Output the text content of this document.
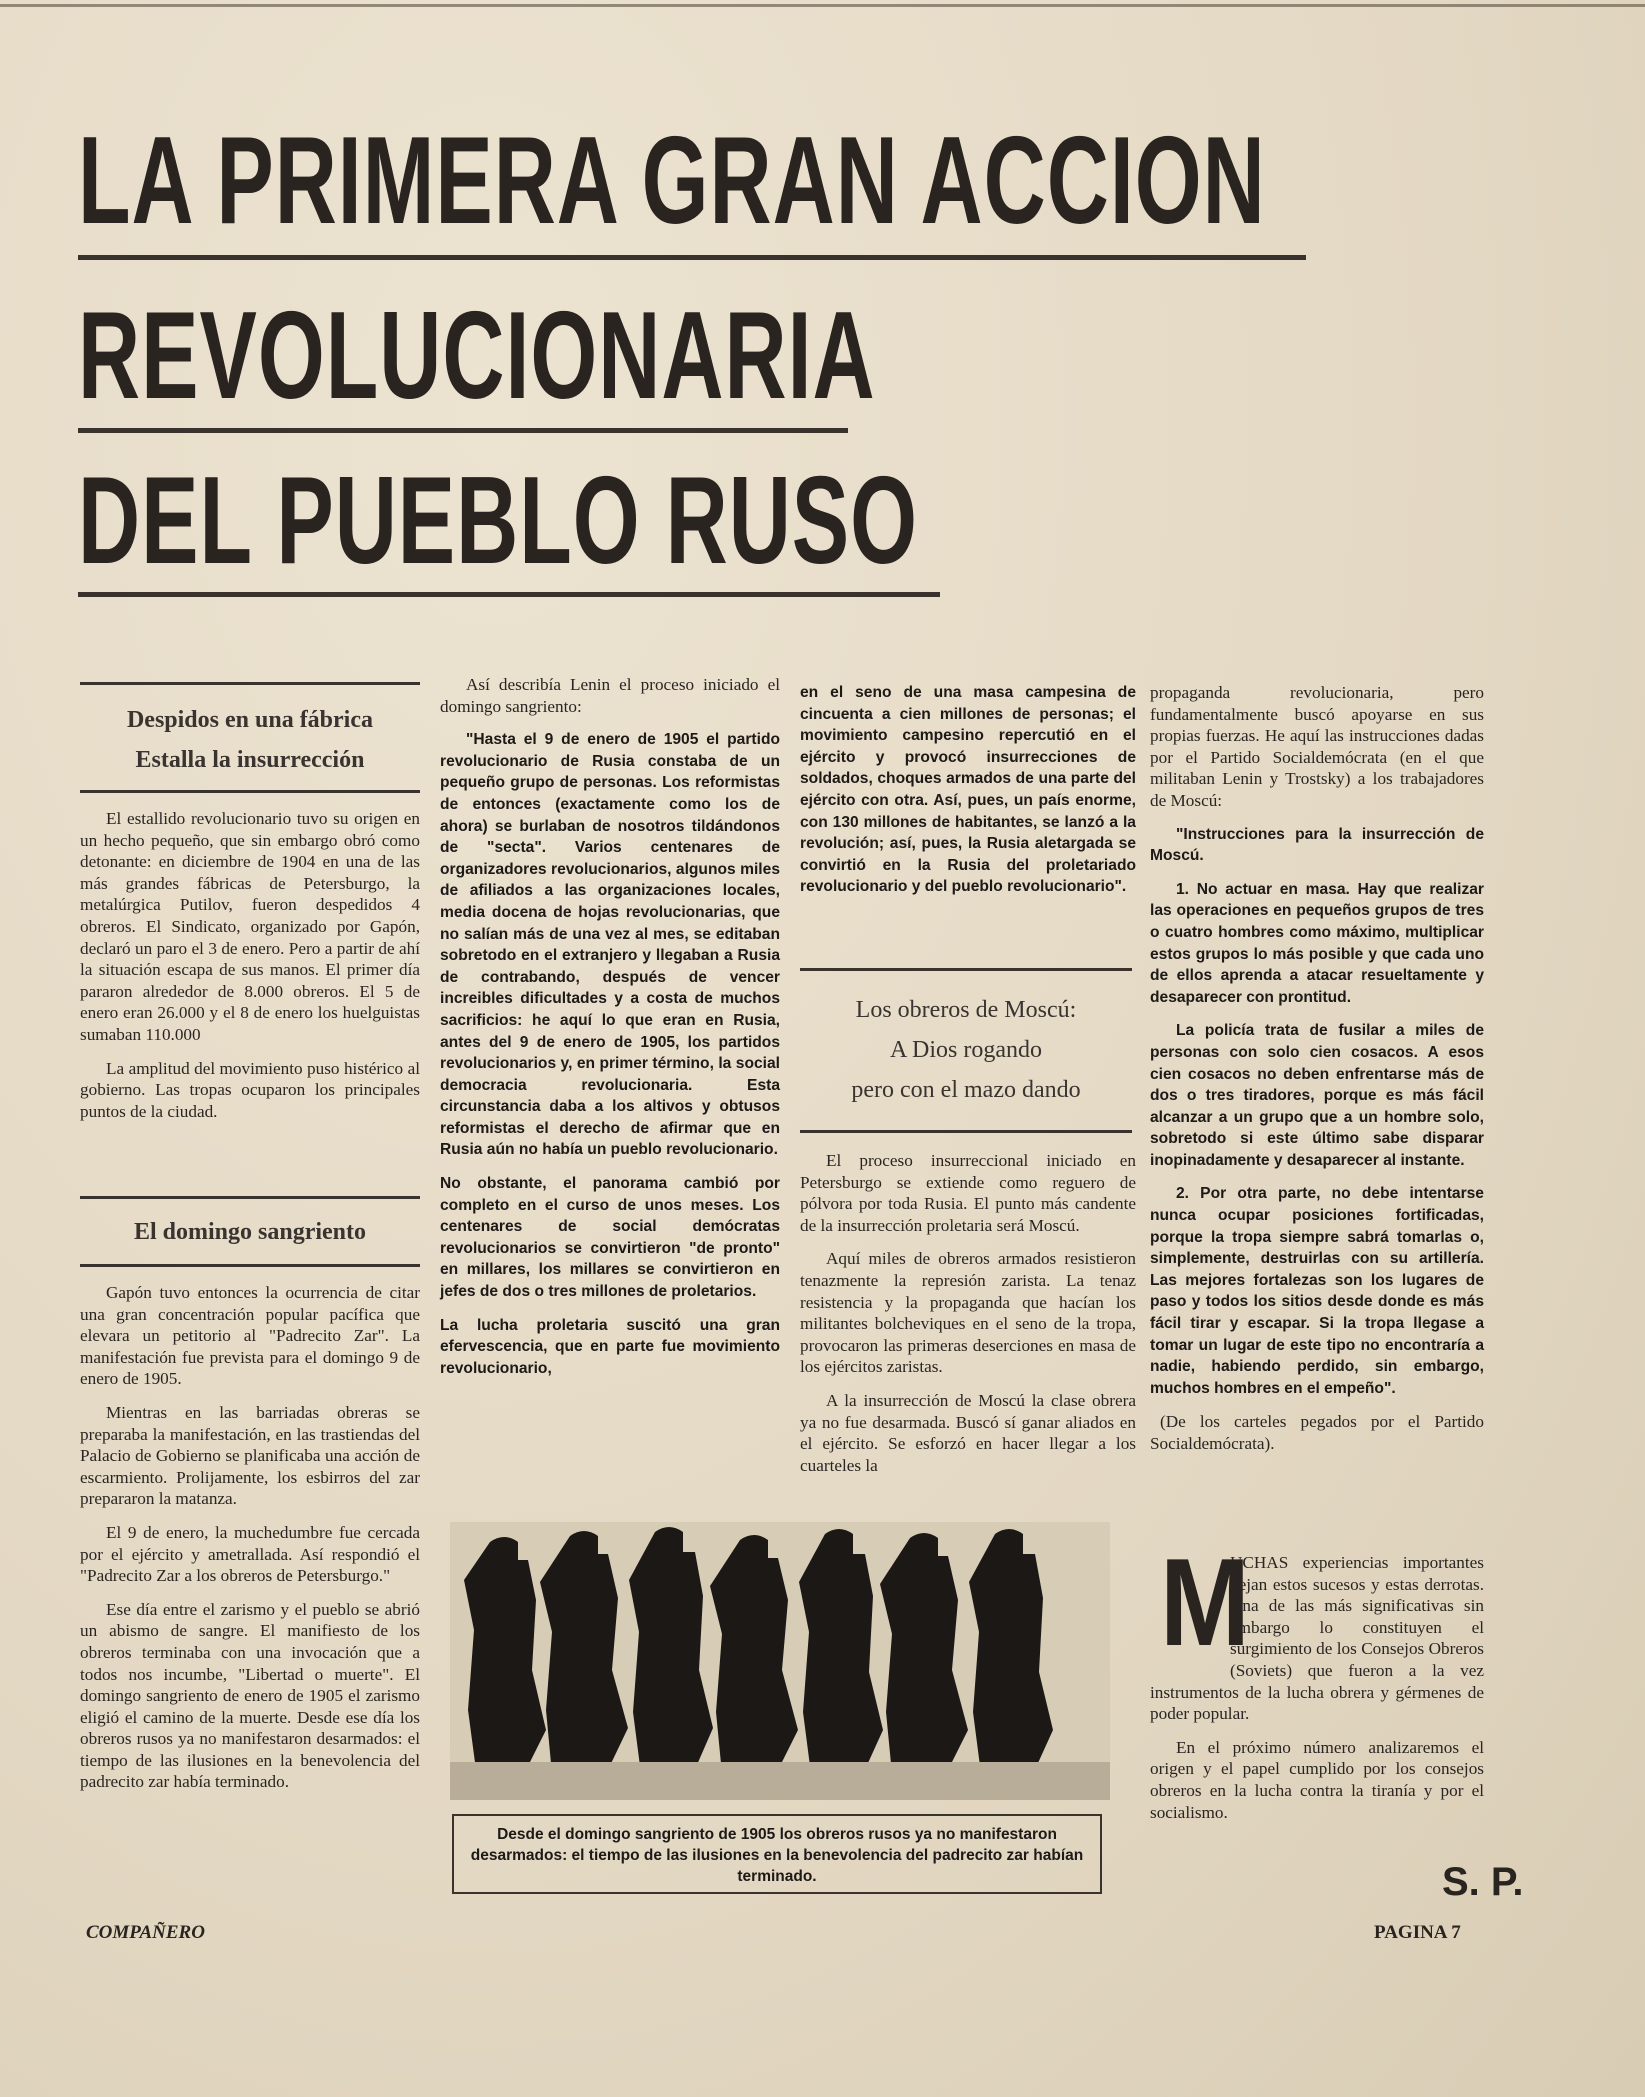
LA PRIMERA GRAN ACCION
REVOLUCIONARIA
DEL PUEBLO RUSO
Despidos en una fábrica
Estalla la insurrección

El estallido revolucionario tuvo su origen en un hecho pequeño, que sin embargo obró como detonante: en diciembre de 1904 en una de las más grandes fábricas de Petersburgo, la metalúrgica Putilov, fueron despedidos 4 obreros. El Sindicato, organizado por Gapón, declaró un paro el 3 de enero. Pero a partir de ahí la situación escapa de sus manos. El primer día pararon alrededor de 8.000 obreros. El 5 de enero eran 26.000 y el 8 de enero los huelguistas sumaban 110.000

La amplitud del movimiento puso histérico al gobierno. Las tropas ocuparon los principales puntos de la ciudad.

El domingo sangriento

Gapón tuvo entonces la ocurrencia de citar una gran concentración popular pacífica que elevara un petitorio al "Padrecito Zar". La manifestación fue prevista para el domingo 9 de enero de 1905.

Mientras en las barriadas obreras se preparaba la manifestación, en las trastiendas del Palacio de Gobierno se planificaba una acción de escarmiento. Prolijamente, los esbirros del zar prepararon la matanza.

El 9 de enero, la muchedumbre fue cercada por el ejército y ametrallada. Así respondió el "Padrecito Zar a los obreros de Petersburgo."

Ese día entre el zarismo y el pueblo se abrió un abismo de sangre. El manifiesto de los obreros terminaba con una invocación que a todos nos incumbe, "Libertad o muerte". El domingo sangriento de enero de 1905 el zarismo eligió el camino de la muerte. Desde ese día los obreros rusos ya no manifestaron desarmados: el tiempo de las ilusiones en la benevolencia del padrecito zar había terminado.

Así describía Lenin el proceso iniciado el domingo sangriento:

"Hasta el 9 de enero de 1905 el partido revolucionario de Rusia constaba de un pequeño grupo de personas. Los reformistas de entonces (exactamente como los de ahora) se burlaban de nosotros tildándonos de "secta". Varios centenares de organizadores revolucionarios, algunos miles de afiliados a las organizaciones locales, media docena de hojas revolucionarias, que no salían más de una vez al mes, se editaban sobretodo en el extranjero y llegaban a Rusia de contrabando, después de vencer increibles dificultades y a costa de muchos sacrificios: he aquí lo que eran en Rusia, antes del 9 de enero de 1905, los partidos revolucionarios y, en primer término, la social democracia revolucionaria. Esta circunstancia daba a los altivos y obtusos reformistas el derecho de afirmar que en Rusia aún no había un pueblo revolucionario.

No obstante, el panorama cambió por completo en el curso de unos meses. Los centenares de social demócratas revolucionarios se convirtieron "de pronto" en millares, los millares se convirtieron en jefes de dos o tres millones de proletarios.

La lucha proletaria suscitó una gran efervescencia, que en parte fue movimiento revolucionario,

en el seno de una masa campesina de cincuenta a cien millones de personas; el movimiento campesino repercutió en el ejército y provocó insurrecciones de soldados, choques armados de una parte del ejército con otra. Así, pues, un país enorme, con 130 millones de habitantes, se lanzó a la revolución; así, pues, la Rusia aletargada se convirtió en la Rusia del proletariado revolucionario y del pueblo revolucionario".

Los obreros de Moscú:
A Dios rogando
pero con el mazo dando

El proceso insurreccional iniciado en Petersburgo se extiende como reguero de pólvora por toda Rusia. El punto más candente de la insurrección proletaria será Moscú.

Aquí miles de obreros armados resistieron tenazmente la represión zarista. La tenaz resistencia y la propaganda que hacían los militantes bolcheviques en el seno de la tropa, provocaron las primeras deserciones en masa de los ejércitos zaristas.

A la insurrección de Moscú la clase obrera ya no fue desarmada. Buscó sí ganar aliados en el ejército. Se esforzó en hacer llegar a los cuarteles la

propaganda revolucionaria, pero fundamentalmente buscó apoyarse en sus propias fuerzas. He aquí las instrucciones dadas por el Partido Socialdemócrata (en el que militaban Lenin y Trostsky) a los trabajadores de Moscú:

"Instrucciones para la insurrección de Moscú.

1. No actuar en masa. Hay que realizar las operaciones en pequeños grupos de tres o cuatro hombres como máximo, multiplicar estos grupos lo más posible y que cada uno de ellos aprenda a atacar resueltamente y desaparecer con prontitud.

La policía trata de fusilar a miles de personas con solo cien cosacos. A esos cien cosacos no deben enfrentarse más de dos o tres tiradores, porque es más fácil alcanzar a un grupo que a un hombre solo, sobretodo si este último sabe disparar inopinadamente y desaparecer al instante.

2. Por otra parte, no debe intentarse nunca ocupar posiciones fortificadas, porque la tropa siempre sabrá tomarlas o, simplemente, destruirlas con su artillería. Las mejores fortalezas son los lugares de paso y todos los sitios desde donde es más fácil tirar y escapar. Si la tropa llegase a tomar un lugar de este tipo no encontraría a nadie, habiendo perdido, sin embargo, muchos hombres en el empeño".

(De los carteles pegados por el Partido Socialdemócrata).

M

UCHAS experiencias importantes dejan estos sucesos y estas derrotas. Una de las más significativas sin embargo lo constituyen el surgimiento de los Consejos Obreros (Soviets) que fueron a la vez instrumentos de la lucha obrera y gérmenes de poder popular.

En el próximo número analizaremos el origen y el papel cumplido por los consejos obreros en la lucha contra la tiranía y por el socialismo.

S. P.
Desde el domingo sangriento de 1905 los obreros rusos ya no manifestaron desarmados: el tiempo de las ilusiones en la benevolencia del padrecito zar habían terminado.
COMPAÑERO	PAGINA 7
